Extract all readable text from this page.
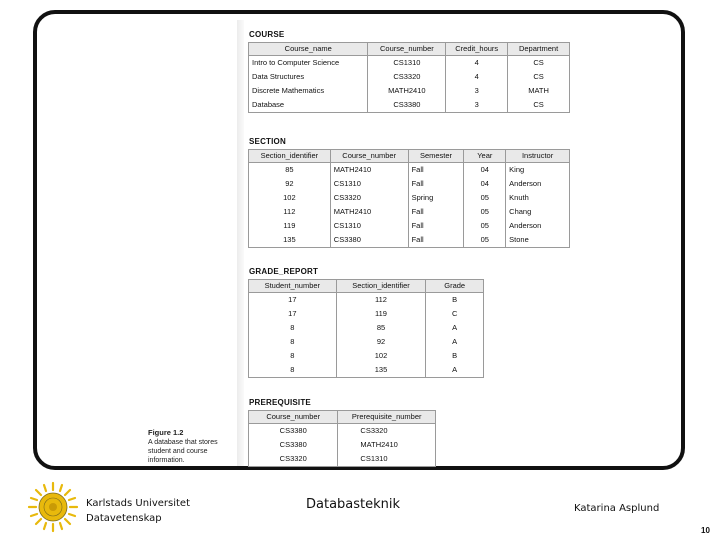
COURSE
Course_name	Course_number	Credit_hours	Department
Intro to Computer Science	CS1310	4	CS
Data Structures	CS3320	4	CS
Discrete Mathematics	MATH2410	3	MATH
Database	CS3380	3	CS
SECTION
Section_identifier	Course_number	Semester	Year	Instructor
85	MATH2410	Fall	04	King
92	CS1310	Fall	04	Anderson
102	CS3320	Spring	05	Knuth
112	MATH2410	Fall	05	Chang
119	CS1310	Fall	05	Anderson
135	CS3380	Fall	05	Stone
GRADE_REPORT
Student_number	Section_identifier	Grade
17	112	B
17	119	C
8	85	A
8	92	A
8	102	B
8	135	A
PREREQUISITE
Course_number	Prerequisite_number
CS3380	CS3320
CS3380	MATH2410
CS3320	CS1310
Figure 1.2
A database that stores
student and course
information.
Karlstads Universitet
Datavetenskap
Databasteknik	Katarina Asplund
10
